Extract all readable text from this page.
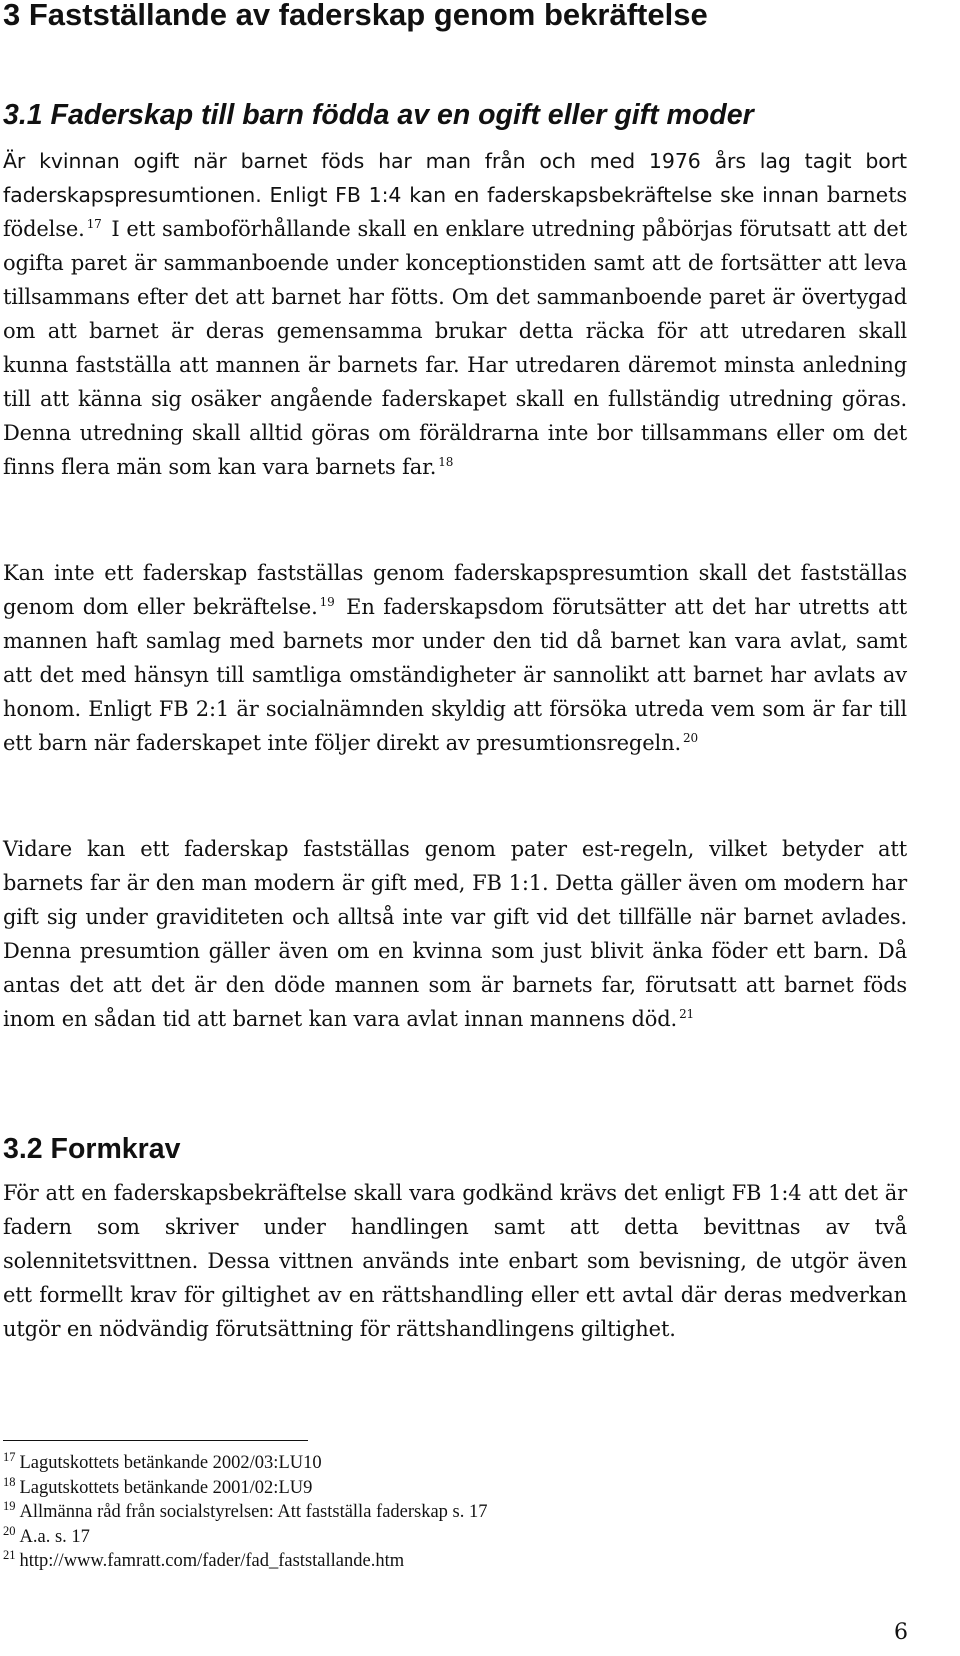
3 Fastställande av faderskap genom bekräftelse
3.1 Faderskap till barn födda av en ogift eller gift moder

Är kvinnan ogift när barnet föds har man från och med 1976 års lag tagit bort faderskapspresumtionen. Enligt FB 1:4 kan en faderskapsbekräftelse ske innan barnets födelse. $^{17}$ I ett samboförhållande skall en enklare utredning påbörjas förutsatt att det ogifta paret är sammanboende under konceptionstiden samt att de fortsätter att leva tillsammans efter det att barnet har fötts. Om det sammanboende paret är övertygad om att barnet är deras gemensamma brukar detta räcka för att utredaren skall kunna fastställa att mannen är barnets far. Har utredaren däremot minsta anledning till att känna sig osäker angående faderskapet skall en fullständig utredning göras. Denna utredning skall alltid göras om föräldrarna inte bor tillsammans eller om det finns flera män som kan vara barnets far. $^{18}$

Kan inte ett faderskap fastställas genom faderskapspresumtion skall det fastställas genom dom eller bekräftelse. $^{19}$ En faderskapsdom förutsätter att det har utretts att mannen haft samlag med barnets mor under den tid då barnet kan vara avlat, samt att det med hänsyn till samtliga omständigheter är sannolikt att barnet har avlats av honom. Enligt FB 2:1 är socialnämnden skyldig att försöka utreda vem som är far till ett barn när faderskapet inte följer direkt av presumtionsregeln. $^{20}$

Vidare kan ett faderskap fastställas genom pater est-regeln, vilket betyder att barnets far är den man modern är gift med, FB 1:1. Detta gäller även om modern har gift sig under graviditeten och alltså inte var gift vid det tillfälle när barnet avlades. Denna presumtion gäller även om en kvinna som just blivit änka föder ett barn. Då antas det att det är den döde mannen som är barnets far, förutsatt att barnet föds inom en sådan tid att barnet kan vara avlat innan mannens död. $^{21}$

3.2 Formkrav

För att en faderskapsbekräftelse skall vara godkänd krävs det enligt FB 1:4 att det är fadern som skriver under handlingen samt att detta bevittnas av två solennitetsvittnen. Dessa vittnen används inte enbart som bevisning, de utgör även ett formellt krav för giltighet av en rättshandling eller ett avtal där deras medverkan utgör en nödvändig förutsättning för rättshandlingens giltighet.

17 Lagutskottets betänkande 2002/03:LU10
18 Lagutskottets betänkande 2001/02:LU9
19 Allmänna råd från socialstyrelsen: Att fastställa faderskap s. 17
20 A.a. s. 17
21 http://www.famratt.com/fader/fad_faststallande.htm
6
